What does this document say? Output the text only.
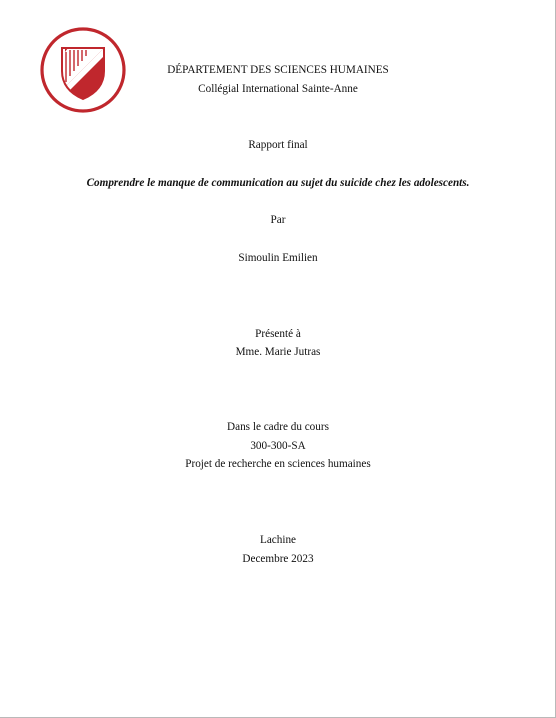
DÉPARTEMENT DES SCIENCES HUMAINES
Collégial International Sainte-Anne
Rapport final
Comprendre le manque de communication au sujet du suicide chez les adolescents.
Par
Simoulin Emilien
Présenté à
Mme. Marie Jutras
Dans le cadre du cours
300-300-SA
Projet de recherche en sciences humaines
Lachine
Decembre 2023
